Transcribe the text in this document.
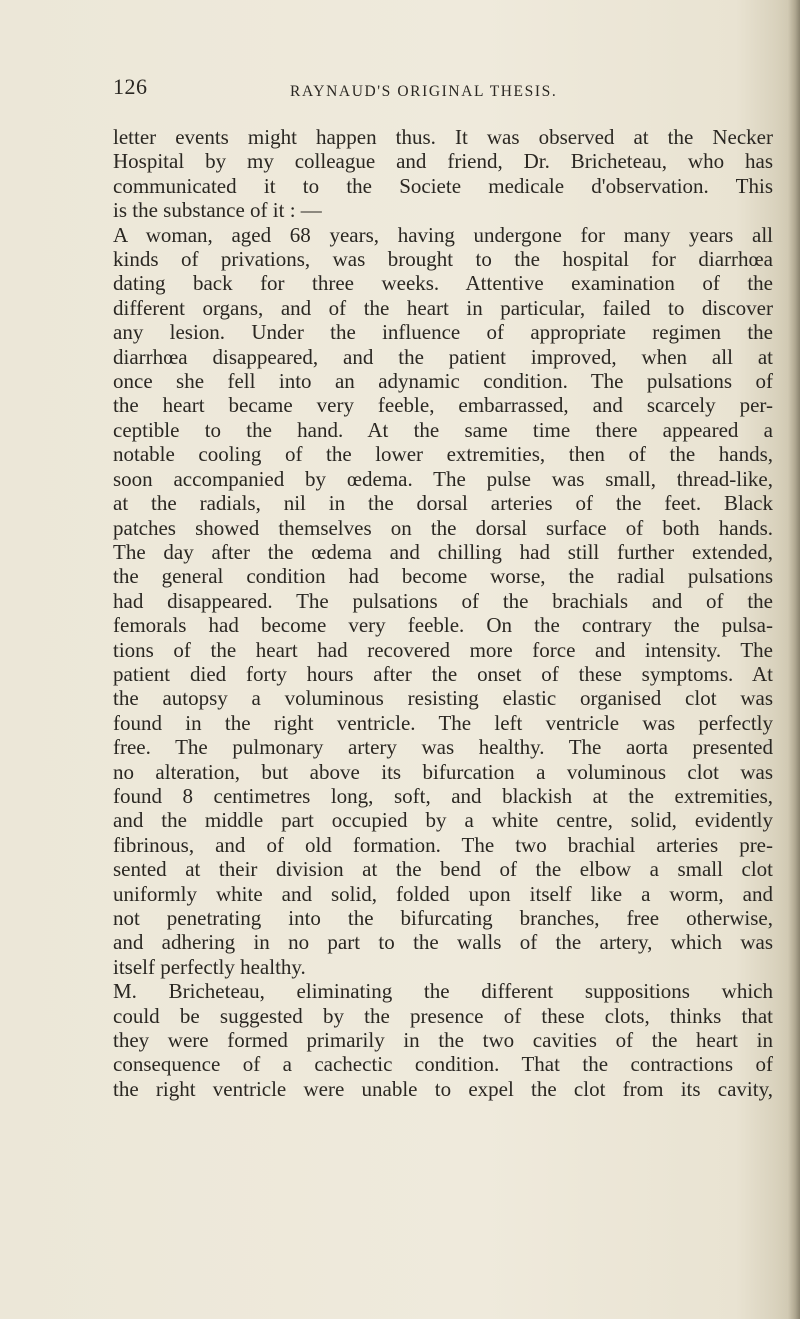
126	RAYNAUD'S ORIGINAL THESIS.
letter events might happen thus. It was observed at the Necker
Hospital by my colleague and friend, Dr. Bricheteau, who has
communicated it to the Societe medicale d'observation. This
is the substance of it : —
A woman, aged 68 years, having undergone for many years all
kinds of privations, was brought to the hospital for diarrhœa
dating back for three weeks. Attentive examination of the
different organs, and of the heart in particular, failed to discover
any lesion. Under the influence of appropriate regimen the
diarrhœa disappeared, and the patient improved, when all at
once she fell into an adynamic condition. The pulsations of
the heart became very feeble, embarrassed, and scarcely per-
ceptible to the hand. At the same time there appeared a
notable cooling of the lower extremities, then of the hands,
soon accompanied by œdema. The pulse was small, thread-like,
at the radials, nil in the dorsal arteries of the feet. Black
patches showed themselves on the dorsal surface of both hands.
The day after the œdema and chilling had still further extended,
the general condition had become worse, the radial pulsations
had disappeared. The pulsations of the brachials and of the
femorals had become very feeble. On the contrary the pulsa-
tions of the heart had recovered more force and intensity. The
patient died forty hours after the onset of these symptoms. At
the autopsy a voluminous resisting elastic organised clot was
found in the right ventricle. The left ventricle was perfectly
free. The pulmonary artery was healthy. The aorta presented
no alteration, but above its bifurcation a voluminous clot was
found 8 centimetres long, soft, and blackish at the extremities,
and the middle part occupied by a white centre, solid, evidently
fibrinous, and of old formation. The two brachial arteries pre-
sented at their division at the bend of the elbow a small clot
uniformly white and solid, folded upon itself like a worm, and
not penetrating into the bifurcating branches, free otherwise,
and adhering in no part to the walls of the artery, which was
itself perfectly healthy.
M. Bricheteau, eliminating the different suppositions which
could be suggested by the presence of these clots, thinks that
they were formed primarily in the two cavities of the heart in
consequence of a cachectic condition. That the contractions of
the right ventricle were unable to expel the clot from its cavity,
